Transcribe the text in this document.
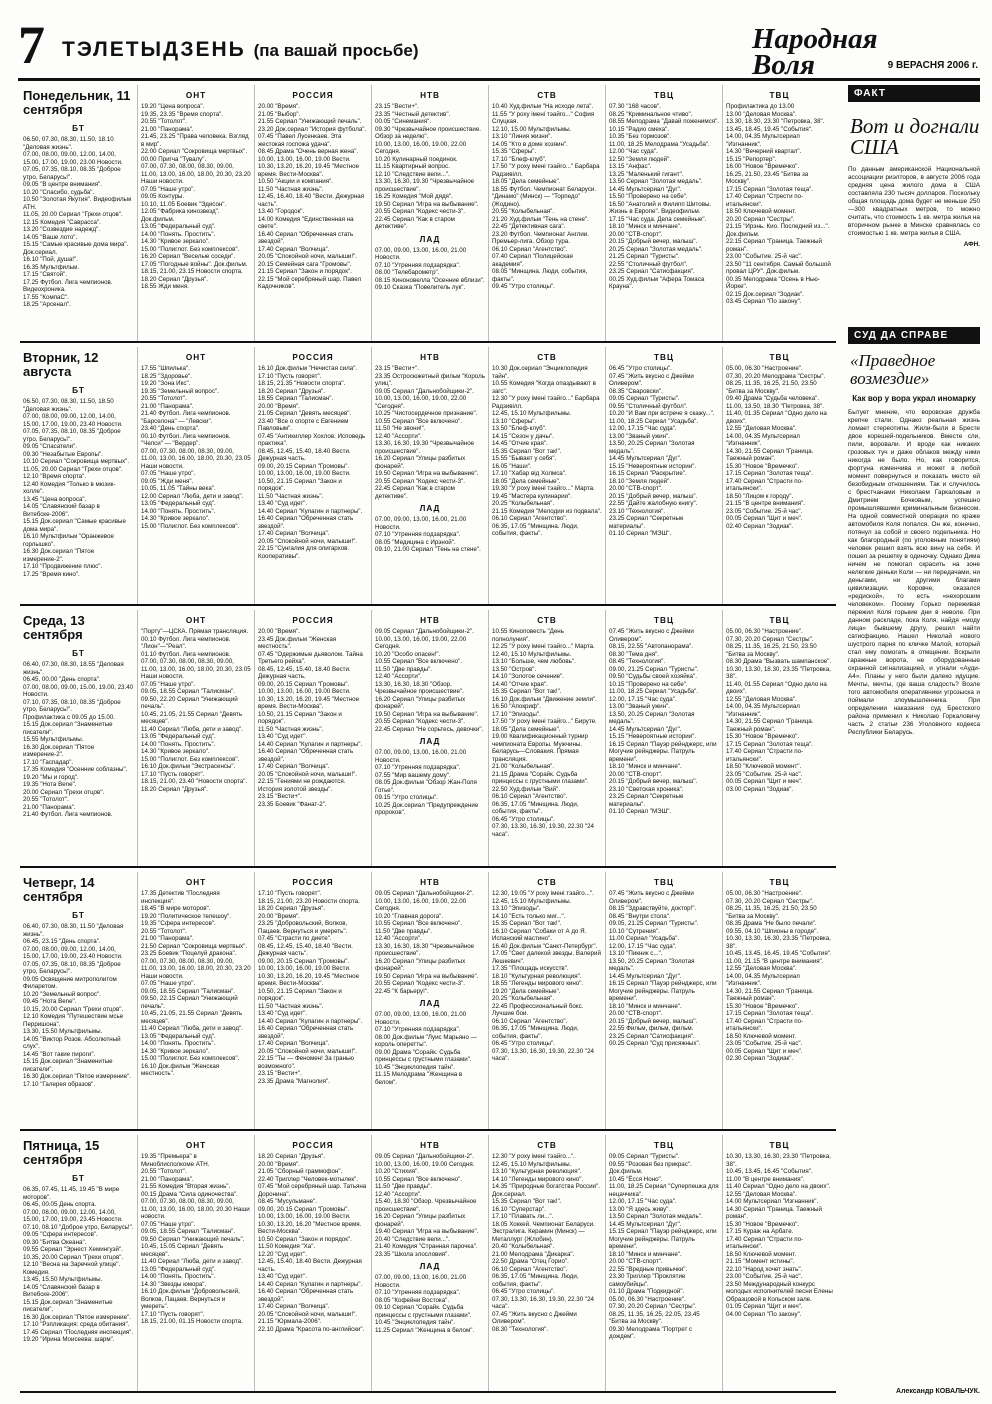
7 ТЭЛЕТЫДЗЕНЬ (па вашай просьбе)	Народная
Воля	9 ВЕРАСНЯ 2006 г.
Понедельник, 11 сентября
БТ

06.50, 07.30, 08.30, 11.50, 18.10 "Деловая жизнь".

07.00, 08.00, 09.00, 12.00, 14.00, 15.00, 17.00, 19.00, 23.00 Новости.

07.05, 07.35, 08.10, 08.35 "Доброе утро, Беларусь!".

09.05 "В центре внимания".

10.20 "Спасибо, судьба".

10.50 "Золотая Якутия". Видеофильм АТН.

11.05, 20.00 Сериал "Грехи отцов".

12.15 Комедия "Саврасса".

13.20 "Созвездие надежд".

14.05 "Ваше лото".

15.15 "Самые красивые дома мира". Док.сериал.

16.10 "Пой, душа!".

16.35 Мультфильм.

17.15 "Святой".

17.25 Футбол. Лига чемпионов. Видеохроника.

17.55 "КомпаС".

18.25 "Арсенал".

ОНТ

19.20 "Цена вопроса".

19.35, 23.35 "Время спорта".

20.55 "Тотолот".

21.00 "Панорама".

21.45, 23.25 "Права человека. Взгляд в мир".

22.00 Сериал "Сокровища мертвых".

00.00 Пригча "Тувалу".

07.00, 07.30, 08.00, 08.30, 09.00, 11.00, 13.00, 16.00, 18.00, 20.30, 23.20 Наши новости.

07.05 "Наше утро".

09.05 Контуры.

10.10, 11.05 Боевик "Эдисон".

12.05 "Фабрика кинозвезд". Док.фильм.

13.05 "Федеральный суд".

14.00 "Понять. Простить".

14.30 "Кривое зеркало".

15.00 "Полиглот. Без комплексов".

16.20 Сериал "Веселые соседи".

17.05 "Погодные войны". Док.фильм.

18.15, 21.00, 23.15 Новости спорта.

18.20 Сериал "Друзья".

18.55 Жди меня.

РОССИЯ

20.00 "Время".

21.05 "Выбор".

21.55 Сериал "Унижающий печаль".

23.20 Док.сериал "История футбола".

07.45 "Павел Лусенкаев. Эта жестокая госпожа удача".

08.45 Драма "Очень верная жена".

10.00, 13.00, 16.00, 19.00 Вести.

10.30, 13.20, 16.20, 19.45 "Местное время. Вести-Москва".

10.50 "Акции и компания".

11.50 "Частная жизнь".

12.45, 16.40, 18.40 "Вести. Дежурная часть".

13.40 "Городок".

14.00 Комедия "Единственная на свете".

16.40 Сериал "Обреченная стать звездой".

17.40 Сериал "Волчица".

20.05 "Спокойной ночи, малыши!".

20.15 Семейная сага "Громовы".

21.15 Сериал "Закон и порядок".

22.15 "Мой серебряный шар. Павел Кадочников".

НТВ

23.15 "Вести+".

23.35 "Честный детектив".

00.05 "Синемания".

09.30 "Чрезвычайное происшествие. Обзор за неделю".

10.00, 13.00, 16.00, 19.00, 22.00 Сегодня.

10.20 Кулинарный поединок.

11.15 Квартирный вопрос.

12.10 "Следствие вели...".

13.30, 16.30, 19.30 "Чрезвычайное происшествие".

16.25 Комедия "Мой дядя".

19.50 Сериал "Игра на выбывание".

20.55 Сериал "Кодекс чести-3".

22.45 Сериал "Как в старом детективе".

ЛАД

07.00, 09.00, 13.00, 16.00, 21.00 Новости.

07.10 "Утренняя подзарядка".

08.00 "Телебарометр".

08.15 Киноновелла "Осенние вблизи".

09.10 Сказка "Повелитель лук".

СТВ

10.40 Худ.фильм "На исходе лета".

11.55 "У роху імені тэайго..." София Слуцкая.

12.10, 15.00 Мультфильмы.

13.10 "Линия жизни".

14.05 "Кто в доме хозяин".

15.35 "Сферы".

17.10 "Блеф-клуб".

17.50 "У роху імені тэайго..." Барбара Радзивілл.

18.05 "Дела семейные".

18.55 Футбол. Чемпионат Беларуси. "Динамо" (Минск) — "Торпедо" (Жодино).

20.55 "Колыбельная".

21.20 Худ.фильм "Тень на стене".

22.45 "Детективная сага".

23.20 Футбол. Чемпионат Англии. Премьер-лига. Обзор тура.

06.10 Сериал "Агентство".

07.40 Сериал "Полицейская академия".

08.05 "Минщина. Люди, события, факты".

09.45 "Утро столицы".

ТВЦ

07.30 "168 часов".

08.25 "Криминальное чтиво".

08.55 Мелодрама "Давай поженимся".

10.15 "Радио смеха".

10.35 "Без тормозов".

11.00, 18.25 Мелодрама "Усадьба".

12.00 "Час суда".

12.50 "Земля людей".

13.15 "Анфас".

13.25 "Маленький гигант".

13.50 Сериал "Золотая медаль".

14.45 Мультсериал "Дуг".

15.50 "Проверено на себе".

16.50 "Анатолий и Филипп Шитовы. Жизнь в Европе". Видеофильм.

17.15 "Час суда. Дела семейные".

18.10 "Минск и минчане".

20.00 "СТВ-спорт".

20.15 "Добрый вечер, малыш".

20.25 Сериал "Золотая медаль".

21.25 Сериал "Туристы".

22.55 "Столичный футбол".

23.25 Сериал "Сатисфакция".

00.25 Худ.фильм "Афера Томаса Крауна".

ТВЦ

Профилактика до 13.00

13.00 "Деловая Москва".

13.30, 18.30, 23.30 "Петровка, 38".

13.45, 18.45, 19.45 "События".

14.00, 04.35 Мультсериал "Изгнанник".

14.30 "Вечерний квартал".

15.15 "Репортер".

16.00 "Новое "Времечко".

16.25, 21.50, 23.45 "Битва за Москву".

17.15 Сериал "Золотая теща".

17.40 Сериал "Стрести по-итальянски".

18.50 Ключевой момент.

20.20 Сериал "Сестры".

21.15 "Ирэнь. Кио. Последний из...". Док.фильм.

22.15 Сериал "Граница. Таежный роман".

23.00 "Событие. 25-й час".

23.50 "11 сентября. Самый большой провал ЦРУ". Док.фильм.

00.35 Мелодрама "Осень в Нью-Йорке".

02.15 Док.сериал "Зодиак".

03.45 Сериал "По закону".

Вторник, 12 августа
БТ

06.50, 07.30, 08.30, 11.50, 18.50 "Деловая жизнь".

07.00, 08.00, 09.00, 12.00, 14.00, 15.00, 17.00, 19.00, 23.40 Новости.

07.05, 07.35, 08.10, 08.35 "Доброе утро, Беларусь!".

09.05 "Спасатели".

09.30 "Незабытые Европы".

10.10 Сериал "Сокровища мертвых".

11.05, 20.00 Сериал "Грехи отцов".

12.10 "Время спорта".

12.40 Комедия "Только в мюзик-холле".

13.45 "Цена вопроса".

14.05 "Славянский базар в Витебске-2006".

15.15 Док.сериал "Самые красивые дома мира".

16.10 Мультфильм "Оранжевое горлышко".

16.30 Док.сериал "Пятое измерение-2".

17.10 "Продвижение плюс".

17.25 "Время кино".

ОНТ

17.55 "Шпилька".

18.25 "Здоровье".

19.20 "Зона Икс".

19.35 "Земельный вопрос".

20.55 "Тотолот".

21.00 "Панорама".

21.40 Футбол. Лига чемпионов. "Барселона" — "Левски".

23.40 "День спорта".

00.10 Футбол. Лига чемпионов. "Челси" — "Вердер".

07.00, 07.30, 08.00, 08.30, 09.00, 11.00, 13.00, 16.00, 18.00, 20.30, 23.05 Наши новости.

07.05 "Наше утро".

09.05 "Жди меня".

10.05, 11.05 "Тайны века".

12.00 Сериал "Люба, дети и завод".

13.05 "Федеральный суд".

14.00 "Понять. Простить".

14.30 "Кривое зеркало".

15.00 "Полиглот. Без комплексов".

РОССИЯ

16.10 Док.фильм "Нечистая сила".

17.10 "Пусть говорят".

18.15, 21.35 "Новости спорта".

18.20 Сериал "Друзья".

18.55 Сериал "Талисман".

20.00 "Время".

21.05 Сериал "Девять месяцев".

23.40 "Все о спорте с Евгением Павловым".

07.45 "Антикиллер Хохлов. Исповедь практика".

08.45, 12.45, 15.40, 18.40 Вести. Дежурная часть.

09.00, 20.15 Сериал "Громовы".

10.00, 13.00, 16.00, 19.00 Вести.

10.50, 21.15 Сериал "Закон и порядок".

11.50 "Частная жизнь".

13.40 "Суд идет".

14.40 Сериал "Кулагин и партнеры".

16.40 Сериал "Обреченная стать звездой".

17.40 Сериал "Волчица".

20.05 "Спокойной ночи, малыши!".

22.15 "Сунгалия для олигархов. Кооперативы".

НТВ

23.15 "Вести+".

23.35 Остросюжетный фильм "Король улиц".

09.05 Сериал "Дальнобойщики-2".

10.00, 13.00, 16.00, 19.00, 22.00 "Сегодня".

10.25 "Чистосердечное признание".

10.55 Сериал "Все включено".

11.50 "Не звони!".

12.40 "Ассорти".

13.30, 16.30, 19.30 "Чрезвычайное происшествие".

16.20 Сериал "Улицы разбитых фонарей".

19.50 Сериал "Игра на выбывание".

20.55 Сериал "Кодекс чести-3".

22.45 Сериал "Как в старом детективе".

ЛАД

07.00, 09.00, 13.00, 16.00, 21.00 Новости.

07.10 "Утренняя подзарядка".

08.05 "Медицина с Ирэной".

09.10, 21.00 Сериал "Тень на стене".

СТВ

10.30 Док.сериал "Энциклопедия тайн".

10.55 Комедия "Когда опаздывают в загс".

12.30 "У роху імені тэайго..." Барбара Радзивілл.

12.45, 15.10 Мультфильмы.

13.10 "Сферы".

13.50 "Блеф-клуб".

14.15 "Сезон у дачы".

14.45 "Отчие края".

15.35 Сериал "Вот так!".

15.55 "Бывает у себя".

16.05 "Наши".

17.10 "Хабар від Холмса".

18.05 "Дела семейные".

19.30 "У роху імені тэайго..." Марта.

19.45 "Мастера кулинарии".

20.25 "Колыбельная".

21.15 Комедия "Мелодии из подвала".

06.10 Сериал "Агентство".

06.35, 17.05 "Минщина. Люди, события, факты".

ТВЦ

06.45 "Утро столицы".

07.45 "Жить вкусно с Джейми Оливером".

08.35 "Сваровски".

09.05 Сериал "Туристы".

09.55 "Столичный футбол".

10.20 "И Вам при встрече я скажу...".

11.00, 18.25 Сериал "Усадьба".

12.00, 17.15 "Час суда".

13.00 "Званый ужин".

13.50, 20.25 Сериал "Золотая медаль".

14.45 Мультсериал "Дуг".

15.15 "Невероятные истории".

16.15 Сериал "Раскрытие".

18.10 "Земля людей".

20.00 "СТВ-спорт".

20.15 "Добрый вечер, малыш".

22.55 "Дайте жалобную книгу".

23.10 "Технология".

23.25 Сериал "Секретные материалы".

01.10 Сериал "МЭШ".

ТВЦ

05.00, 06.30 "Настроение".

07.30, 20.20 Мелодрама "Сестры".

08.25, 11.35, 16.25, 21.50, 23.50 "Битва за Москву".

09.40 Драма "Судьба человека".

11.00, 13.50, 18.30 "Петровка, 38".

11.40, 01.35 Сериал "Одно дело на двоих".

12.55 "Деловая Москва".

14.00, 04.35 Мультсериал "Изгнанник".

14.30, 21.55 Сериал "Граница. Таежный роман".

15.30 "Новое "Времечко".

17.15 Сериал "Золотая теща".

17.40 Сериал "Страсти по-итальянски".

18.50 "Лицом к городу".

21.15 "В центре внимания".

23.05 "Событие. 25-й час".

00.05 Сериал "Щит и меч".

02.40 Сериал "Зодиак".

Среда, 13 сентября
БТ

06.40, 07.30, 08.30, 18.55 "Деловая жизнь".

06.45, 00.00 "День спорта".

07.00, 08.00, 09.00, 15.00, 19.00, 23.40 Новости.

07.10, 07.35, 08.10, 08.35 "Доброе утро, Беларусь!".

Профилактика с 09.05 до 15.00.

15.15 Док.сериал "Знаменитые писатели".

15.55 Мультфильмы.

16.30 Док.сериал "Пятое измерение-2".

17.10 "Гаспадар".

17.35 Комедия "Осенние соблазны".

19.20 "Мы и город".

19.35 "Нота Bene".

20.00 Сериал "Грехи отцов".

20.55 "Тотолот".

21.00 "Панорама".

21.40 Футбол. Лига чемпионов.

ОНТ

"Порту"—ЦСКА. Прямая трансляция.

00.10 Футбол. Лига чемпионов. "Лион"—"Реал".

01.10 Футбол. Лига чемпионов.

07.00, 07.30, 08.00, 08.30, 09.00, 11.00, 13.00, 16.00, 18.00, 20.30, 23.05 Наши новости.

07.05 "Наше утро".

09.05, 18.55 Сериал "Талисман".

09.50, 22.20 Сериал "Унижающий печаль".

10.45, 21.05, 21.55 Сериал "Девять месяцев".

11.40 Сериал "Люба, дети и завод".

13.05 "Федеральный суд".

14.00 "Понять. Простить".

14.30 "Кривое зеркало".

15.00 "Полиглот. Без комплексов".

16.10 Док.фильм "Экстрасенсы".

17.10 "Пусть говорят".

18.15, 21.00, 23.40 "Новости спорта".

18.20 Сериал "Друзья".

РОССИЯ

20.00 "Время".

23.45 Док.фильм "Женская местность".

07.45 "Одержимые дьяволом. Тайна Третьего рейха".

08.45, 12.45, 15.40, 18.40 Вести. Дежурная часть.

09.00, 20.15 Сериал "Громовы".

10.00, 13.00, 16.00, 19.00 Вести.

10.30, 13.20, 16.20, 19.45 "Местное время. Вести-Москва".

10.50, 21.15 Сериал "Закон и порядок".

11.50 "Частная жизнь".

13.40 "Суд идет".

14.40 Сериал "Кулагин и партнеры".

16.40 Сериал "Обреченная стать звездой".

17.40 Сериал "Волчица".

20.05 "Спокойной ночи, малыши!".

22.15 "Гениями не рождаются. История золотой звезды".

23.15 "Вести+".

23.35 Боевик "Фанат-2".

НТВ

09.05 Сериал "Дальнобойщики-2".

10.00, 13.00, 16.00, 19.00, 22.00 Сегодня.

10.20 "Особо опасен!".

10.55 Сериал "Все включено".

11.50 "Две правды".

12.40 "Ассорти".

13.30, 16.30, 18.30 "Обзор. Чрезвычайное происшествие".

16.20 Сериал "Улицы разбитых фонарей".

19.50 Сериал "Игра на выбывание".

20.55 Сериал "Кодекс чести-3".

22.45 Сериал "Не сорьтесь, девочки".

ЛАД

07.00, 09.00, 13.00, 16.00, 21.00 Новости.

07.10 "Утренняя подзарядка".

07.55 "Мир вашему дому".

08.05 Док.фильм "Обзор Жан-Поля Готье".

09.15 "Утро столицы".

10.25 Док.сериал "Предупреждение пророков".

СТВ

10.55 Киноповесть "День полнолуния".

12.25 "У роху імені тэайго..." Марта.

12.40, 15.10 Мультфильмы.

13.10 "Больше, чем любовь".

13.50 "Остров".

14.10 "Золотое сечение".

14.40 "Отчие края".

15.35 Сериал "Вот так!".

16.10 Док.фильм "Движение земли".

16.50 "Апокриф".

17.10 "Эпизоды".

17.50 "У роху імені тэайго..." Бируте.

18.05 "Дела семейные".

19.00 Квалификационный турнир чемпионата Европы. Мужчины. Беларусь—Словакия. Прямая трансляция.

21.00 "Колыбельная".

21.15 Драма "Сорайк. Судьба принцессы с грустными глазами".

22.50 Худ.фильм "Вий".

06.10 Сериал "Агентство".

06.35, 17.05 "Минщина. Люди, события, факты".

06.45 "Утро столицы".

07.30, 13.30, 16.30, 19.30, 22.30 "24 часа".

ТВЦ

07.45 "Жить вкусно с Джейми Оливером".

08.15, 22.55 "Автопанорама".

08.30 "Тема дня".

08.45 "Технология".

09.00, 21.25 Сериал "Туристы".

09.50 "Судьбы своей хозяйка".

10.15 "Проверено на себе".

11.00, 18.25 Сериал "Усадьба".

12.00, 17.15 "Час суда".

13.00 "Званый ужин".

13.50, 20.25 Сериал "Золотая медаль".

14.45 Мультсериал "Дуг".

15.15 "Невероятные истории".

16.15 Сериал "Пауэр рейнджерс, или Могучие рейнджеры. Патруль времени".

18.10 "Минск и минчане".

20.00 "СТВ-спорт".

20.15 "Добрый вечер, малыш".

23.10 "Светская хроника".

23.25 Сериал "Секретные материалы".

01.10 Сериал "МЭШ".

ТВЦ

05.00, 06.30 "Настроение".

07.30, 20.20 Сериал "Сестры".

08.25, 11.35, 16.25, 21.50, 23.50 "Битва за Москву".

08.30 Драма "Вызвать шампанское".

10.30, 13.30, 18.30, 23.35 "Петровка, 38".

11.40, 01.55 Сериал "Одно дело на двоих".

12.55 "Деловая Москва".

14.00, 04.35 Мультсериал "Изгнанник".

14.30, 21.55 Сериал "Граница. Таежный роман".

15.30 "Новое "Времечко".

17.15 Сериал "Золотая теща".

17.40 Сериал "Страсти по-итальянски".

18.50 "Ключевой момент".

23.05 "Событие. 25-й час".

00.05 Сериал "Щит и меч".

03.00 Сериал "Зодиак".

Четверг, 14 сентября
БТ

06.40, 07.30, 08.30, 11.50 "Деловая жизнь".

06.45, 23.15 "День спорта".

07.00, 08.00, 09.00, 12.00, 14.00, 15.00, 17.00, 19.00, 23.40 Новости.

07.05, 07.35, 08.10, 08.35 "Доброе утро, Беларусь!".

09.05 Освящение митрополитом Филаретом.

10.20 "Земельный вопрос".

09.45 "Нота Bene".

10.15, 20.00 Сериал "Грехи отцов".

12.10 Комедия "Путешествие мсье Перришона".

13.30, 15.50 Мультфильмы.

14.05 "Виктор Розов. Абсолютный слух".

14.45 "Вот такие пироги".

15.15 Док.сериал "Знаменитые писатели".

16.30 Док.сериал "Пятое измерение".

17.10 "Галерея образов".

ОНТ

17.35 Детектив "Последняя инспекция".

18.45 "В мире моторов".

19.20 "Политическое телешоу".

19.35 "Сфера интересов".

20.55 "Тотолот".

21.00 "Панорама".

21.50 Сериал "Сокровища мертвых".

23.25 Боевик "Поцелуй дракона".

07.00, 07.30, 08.00, 08.30, 09.00, 11.00, 13.00, 16.00, 18.00, 20.30, 23.20 Наши новости.

07.05 "Наше утро".

09.05, 18.55 Сериал "Талисман".

09.50, 22.15 Сериал "Унижающий печаль".

10.45, 21.05, 21.55 Сериал "Девять месяцев".

11.40 Сериал "Люба, дети и завод".

13.05 "Федеральный суд".

14.00 "Понять. Простить".

14.30 "Кривое зеркало".

15.00 "Полиглот. Без комплексов".

16.10 Док.фильм "Женская местность".

РОССИЯ

17.10 "Пусть говорят".

18.15, 21.00, 23.20 Новости спорта.

18.20 Сериал "Друзья".

20.00 "Время".

23.25 "Добровольский, Волков, Пацаев. Вернуться и умереть".

07.45 "Страсти по диете".

08.45, 12.45, 15.40, 18.40 "Вести. Дежурная часть".

09.00, 20.15 Сериал "Громовы".

10.00, 13.00, 16.00, 19.00 Вести.

10.30, 13.20, 16.20, 19.45 "Местное время. Вести-Москва".

10.50, 21.15 Сериал "Закон и порядок".

11.50 "Частная жизнь".

13.40 "Суд идет".

14.40 Сериал "Кулагин и партнеры".

16.40 Сериал "Обреченная стать звездой".

17.40 Сериал "Волчица".

20.05 "Спокойной ночи, малыши!".

22.15 "Ты — Феномен! За гранью возможного".

23.15 "Вести+".

23.35 Драма "Магнолия".

НТВ

09.05 Сериал "Дальнобойщики-2".

10.00, 13.00, 16.00, 19.00, 22.00 Сегодня.

10.20 "Главная дорога".

10.55 Сериал "Все включено".

11.50 "Две правды".

12.40 "Ассорти".

13.30, 16.30, 18.30 "Чрезвычайное происшествие".

16.20 Сериал "Улицы разбитых фонарей".

19.50 Сериал "Игра на выбывание".

20.55 Сериал "Кодекс чести-3".

22.45 "К барьеру!".

ЛАД

07.00, 09.00, 13.00, 16.00, 21.00 Новости.

07.10 "Утренняя подзарядка".

08.00 Док.фильм "Луис Марьяно — король оперетты".

09.00 Драма "Сорайк. Судьба принцессы с грустными глазами".

10.45 "Энциклопедия тайн".

11.15 Мелодрама "Женщина в белом".

СТВ

12.30, 19.05 "У роху імені тэайго...".

12.45, 15.10 Мультфильмы.

13.10 "Эпизоды".

14.10 "Есть только миг...".

15.35 Сериал "Вот так!".

16.10 Сериал "Собаки от А до Я. Испанский мастино".

16.40 Док.фильм "Санкт-Петербург".

17.05 "Свет далекой звезды. Валерий Лешкевич".

17.35 "Площадь искусств".

18.10 "Культурная революция".

18.55 "Легенды мирового кино".

19.20 "Дела семейные".

20.25 "Колыбельная".

22.45 Профессиональный бокс. Лучшие бои.

06.10 Сериал "Агентство".

06.35, 17.05 "Минщина. Люди, события, факты".

06.45 "Утро столицы".

07.30, 13.30, 16.30, 19.30, 22.30 "24 часа".

ТВЦ

07.45 "Жить вкусно с Джейми Оливером".

08.15 "Здравствуйте, доктор!".

08.45 "Внутри стола".

09.05, 21.25 Сериал "Туристы".

10.10 "Сутрения".

11.00 Сериал "Усадьба".

12.00, 17.15 "Час суда".

13.10 "Пикник с...".

13.50, 20.25 Сериал "Золотая медаль".

14.45 Мультсериал "Дуг".

16.15 Сериал "Пауэр рейнджерс, или Могучие рейнджеры. Патруль времени".

18.10 "Минск и минчане".

20.00 "СТВ-спорт".

20.15 "Добрый вечер, малыш".

22.55 Фильм, фильм, фильм.

23.25 Сериал "Сатисфакция".

00.25 Сериал "Суд присяжных".

ТВЦ

05.00, 06.30 "Настроение".

07.30, 20.20 Сериал "Сестры".

08.25, 11.35, 16.25, 21.50, 23.50 "Битва за Москву".

08.35 Драма "Не было печали".

09.55, 04.10 "Шпионы в городе".

10.30, 13.30, 16.30, 23.35 "Петровка, 38".

10.45, 13.45, 16.45, 19.45 "События".

11.00, 21.15 "В центре внимания".

12.55 "Деловая Москва".

14.00, 04.35 Мультсериал "Изгнанник".

14.30, 21.55 Сериал "Граница. Таежный роман".

15.30 "Новое "Времечко".

17.15 Сериал "Золотая теща".

17.40 Сериал "Страсти по-итальянски".

18.50 Ключевой момент.

23.05 "Событие. 25-й час".

00.05 Сериал "Щит и меч".

02.30 Сериал "Зодиак".

Пятница, 15 сентября
БТ

06.35, 07.45, 11.45, 19.45 "В мире моторов".

06.45, 00.05 День спорта.

07.00, 08.00, 09.00, 12.00, 14.00, 15.00, 17.00, 19.00, 23.45 Новости.

07.10, 08.10 "Доброе утро, Беларусь!".

09.05 "Сфера интересов".

09.30 "Битва Океана".

09.55 Сериал "Эрнест Хемингуэй".

10.35, 20.00 Сериал "Грехи отцов".

12.10 "Весна на Заречной улице". Комедия.

13.45, 15.50 Мультфильмы.

14.05 "Славянский базар в Витебске-2006".

15.15 Док.сериал "Знаменитые писатели".

16.30 Док.сериал "Пятое измерение".

17.10 "Рэпликация: среда обитания".

17.45 Сериал "Последняя инспекция".

19.20 "Ирина Моисеева: шарм".

ОНТ

19.35 "Премьера" в Миноблисполкоме АТН.

20.55 "Тотолот".

21.00 "Панорама".

21.55 Комедия "Вторая жизнь".

00.15 Драма "Сила одиночества".

07.00, 07.30, 08.00, 08.30, 09.00, 11.00, 13.00, 16.00, 18.00, 20.30 Наши новости.

07.05 "Наше утро".

09.05, 18.55 Сериал "Талисман".

09.50 Сериал "Унижающий печаль".

10.45, 15.05 Сериал "Девять месяцев".

11.40 Сериал "Люба, дети и завод".

13.05 "Федеральный суд".

14.00 "Понять. Простить".

14.30 "Звезды юмора".

16.10 Док.фильм "Добровольский, Волков, Пацаев. Вернуться и умереть".

17.10 "Пусть говорят".

18.15, 21.00, 01.15 Новости спорта.

РОССИЯ

18.20 Сериал "Друзья".

20.00 "Время".

21.05 "Сборный граммофон".

22.40 Триллер "Человек-мотылек".

07.45 "Мой серебряный шар. Татьяна Доронина".

08.45 "Мусульмане".

09.00, 20.15 Сериал "Громовы".

10.00, 13.00, 16.00, 19.00 Вести.

10.30, 13.20, 16.20 "Местное время. Вести-Москва".

10.50 Сериал "Закон и порядок".

11.50 Комедия "Ха".

12.20 "Суд идет".

12.45, 15.40, 18.40 Вести. Дежурная часть.

13.40 "Суд идет".

14.40 Сериал "Кулагин и партнеры".

16.40 Сериал "Обреченная стать звездой".

17.40 Сериал "Волчица".

20.05 "Спокойной ночи, малыши!".

21.15 "Юрмала-2006".

22.10 Драма "Красота по-английски".

НТВ

09.05 Сериал "Дальнобойщики-2".

10.00, 13.00, 16.00, 19.00 Сегодня.

10.20 "Стихия".

10.55 Сериал "Все включено".

11.50 "Две правды".

12.40 "Ассорти".

15.40, 18.30 "Обзор. Чрезвычайное происшествие".

16.20 Сериал "Улицы разбитых фонарей".

19.40 Сериал "Игра на выбывание".

20.40 "Следствие вели...".

21.40 Комедия "Странная парочка".

23.35 "Школа злословия".

ЛАД

07.00, 09.00, 13.00, 16.00, 21.00 Новости.

07.10 "Утренняя подзарядка".

08.05 "Кофейни Востока".

09.10 Сериал "Сорайк. Судьба принцессы с грустными глазами".

10.45 "Энциклопедия тайн".

11.25 Сериал "Женщина в белом".

СТВ

12.30 "У роху імені тэайго...".

12.45, 15.10 Мультфильмы.

13.10 "Культурная революция".

14.10 "Легенды мирового кино".

14.35 "Природные богатства России". Док.сериал.

15.35 Сериал "Вот так!".

16.10 "Суперстар".

17.10 "Плавать ли...".

18.05 Хоккей. Чемпионат Беларуси. Экстралига. Керамин (Минск) — Металлург (Жлобин).

20.40 "Колыбельная".

21.00 Мелодрама "Дикарка".

22.50 Драма "Отец Горио".

06.10 Сериал "Агентство".

06.35, 17.05 "Минщина. Люди, события, факты".

06.45 "Утро столицы".

07.30, 13.30, 16.30, 19.30, 22.30 "24 часа".

07.45 "Жить вкусно с Джейми Оливером".

08.30 "Технология".

ТВЦ

09.05 Сериал "Туристы".

09.55 "Розовая без прикрас". Док.фильм.

10.45 "Ёсся Ноно".

11.00, 18.25 Сериал "Суперпешка для нецаччика".

12.00, 17.15 "Час суда".

13.00 "Я здесь живу".

13.50 Сериал "Золотая медаль".

14.45 Мультсериал "Дуг".

15.15 Сериал "Пауэр рейнджерс, или Могучие рейнджеры. Патруль времени".

18.10 "Минск и минчане".

20.00 "СТВ-спорт".

22.55 "Вредные привычки".

23.30 Триллер "Проклятие самоубийцы".

01.10 Драма "Подкидной".

05.00, 06.30 "Настроение".

07.30, 20.20 Сериал "Сестры".

08.25, 11.35, 16.25, 22.05, 23.45 "Битва за Москву".

09.30 Мелодрама "Портрет с дождем".

ТВЦ

10.30, 13.30, 16.30, 23.30 "Петровка, 38".

10.45, 13.45, 16.45 "События".

11.00 "В центре внимания".

11.40 Сериал "Одно дело на двоих".

12.55 "Деловая Москва".

14.00 Мультсериал "Изгнанник".

14.30 Сериал "Граница. Таежный роман".

15.30 "Новое "Времечко".

17.15 Кураж на Арбате.

17.40 Сериал "Страсти по-итальянски".

18.50 Ключевой момент.

21.15 "Момент истины".

22.10 "Народ хочет знать".

23.00 "Событие. 25-й час".

23.50 Международный конкурс молодых исполнителей песни Елены Образцовой в Кольском зале.

01.05 Сериал "Щит и меч".

04.00 Сериал "По закону".

ФАКТ
Вот и догнали США

По данным американской Национальной ассоциации риэлторов, в августе 2006 года средняя цена жилого дома в США составляла 230 тысяч долларов. Поскольку общая площадь дома будет не меньше 250—300 квадратных метров, то можно считать, что стоимость 1 кв. метра жилья на вторичном рынке в Минске сравнялась со стоимостью 1 кв. метра жилья в США.

АФН.

СУД ДА СПРАВЕ
«Праведное возмездие»
Как вор у вора украл иномарку

Бытует мнение, что воровская дружба крепче стали. Однако реальная жизнь ломает стереотипы. Жили-были в Бресте двое корешей-подельников. Вместе сли, пили, воровали. И вроде как никаких грозовых туч и даже облаков между ними никогда не было. Но, как говорится, фортуна изменчива и может в любой момент повернуться и показать место ей безобидным отношениям. Так и случилось с брестчанами Николаем Гаркаловым и Дмитрием Бочковым, успешно промышлявшими криминальным бизнесом. На одной совместной операции по краже автомобиля Коля попался. Он же, конечно, потянул за собой и своего подельника. Но как благородный (по уголовным понятиям) человек решил взять всю вину на себя. И пошел за решетку в одиночку. Однако Дима ничем не помогал скрасить на зоне нелегкие деньки Коли — ни передачами, ни деньгами, ни другими благами цивилизации. Коровче, оказался «редиской», то есть «нехорошим человеком». Посему Горько переживая пережил Коля горькие дни в неволе. При данном раскладе, пока Коля, найдя «моду лица» бывшему другу, решил найти сатисфакцию. Нашел Николай нового шустрого парня по кличке Малой, который стал ему помогать в отмщении. Вскрыли гаражные ворота, не оборудованные охранной сигнализацией, и угнали «Ауди-А4». Планы у него были далеко идущие. Мечты, мечты, где ваша сладость? Возле того автомобиля оперативники угрозыска и поймали злоумышленника. При определении наказания суд Брестского района применил к Николаю Горкаловичу часть 2 статьи 236 Уголовного кодекса Республики Беларусь.

Александр КОВАЛЬЧУК.
